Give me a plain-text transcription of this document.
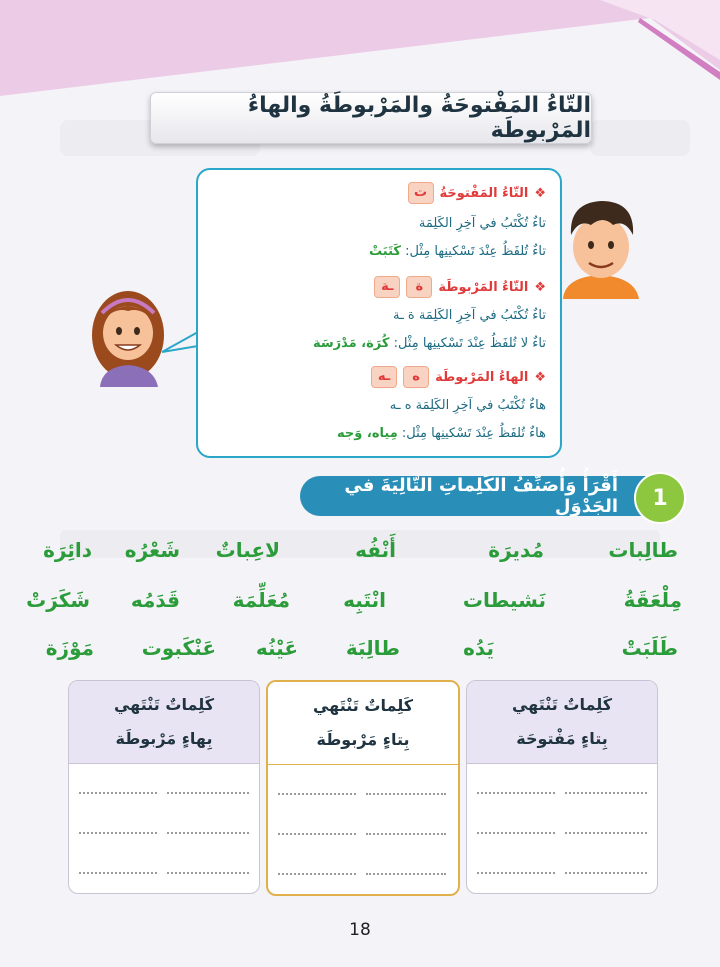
التّاءُ المَفْتوحَةُ والمَرْبوطَةُ والهاءُ المَرْبوطَة
❖
التّاءُ المَفْتوحَةُ
ت
تاءٌ تُكْتَبُ في آخِرِ الكَلِمَة
تاءٌ تُلفَظُ عِنْدَ تَسْكينِها مِثْل: كَتَبَتْ
❖
التّاءُ المَرْبوطَة
ة
ـة
تاءٌ تُكْتَبُ في آخِرِ الكَلِمَة ة ـة
تاءٌ لا تُلفَظُ عِنْدَ تَسْكينِها مِثْل: كُرَة، مَدْرَسَة
❖
الهاءُ المَرْبوطَة
ه
ـه
هاءٌ تُكْتَبُ في آخِرِ الكَلِمَة ه ـه
هاءٌ تُلفَظُ عِنْدَ تَسْكينِها مِثْل: مِياه، وَجه
أَقْرَأُ وَأُصَنِّفُ الكَلِماتِ التّالِيَةَ في الجَدْوَل	1
طالِبات
مُديرَة
أَنْفُه
لاعِباتٌ
شَعْرُه
دائِرَة
مِلْعَقَةُ
نَشيطات
انْتَبِه
مُعَلِّمَة
قَدَمُه
شَكَرَتْ
طَلَبَتْ
يَدُه
طالِبَة
عَيْنُه
عَنْكَبوت
مَوْزَة
كَلِماتٌ تَنْتَهي
بِتاءٍ مَفْتوحَة
كَلِماتٌ تَنْتَهي
بِتاءٍ مَرْبوطَة
كَلِماتٌ تَنْتَهي
بِهاءٍ مَرْبوطَة
18
